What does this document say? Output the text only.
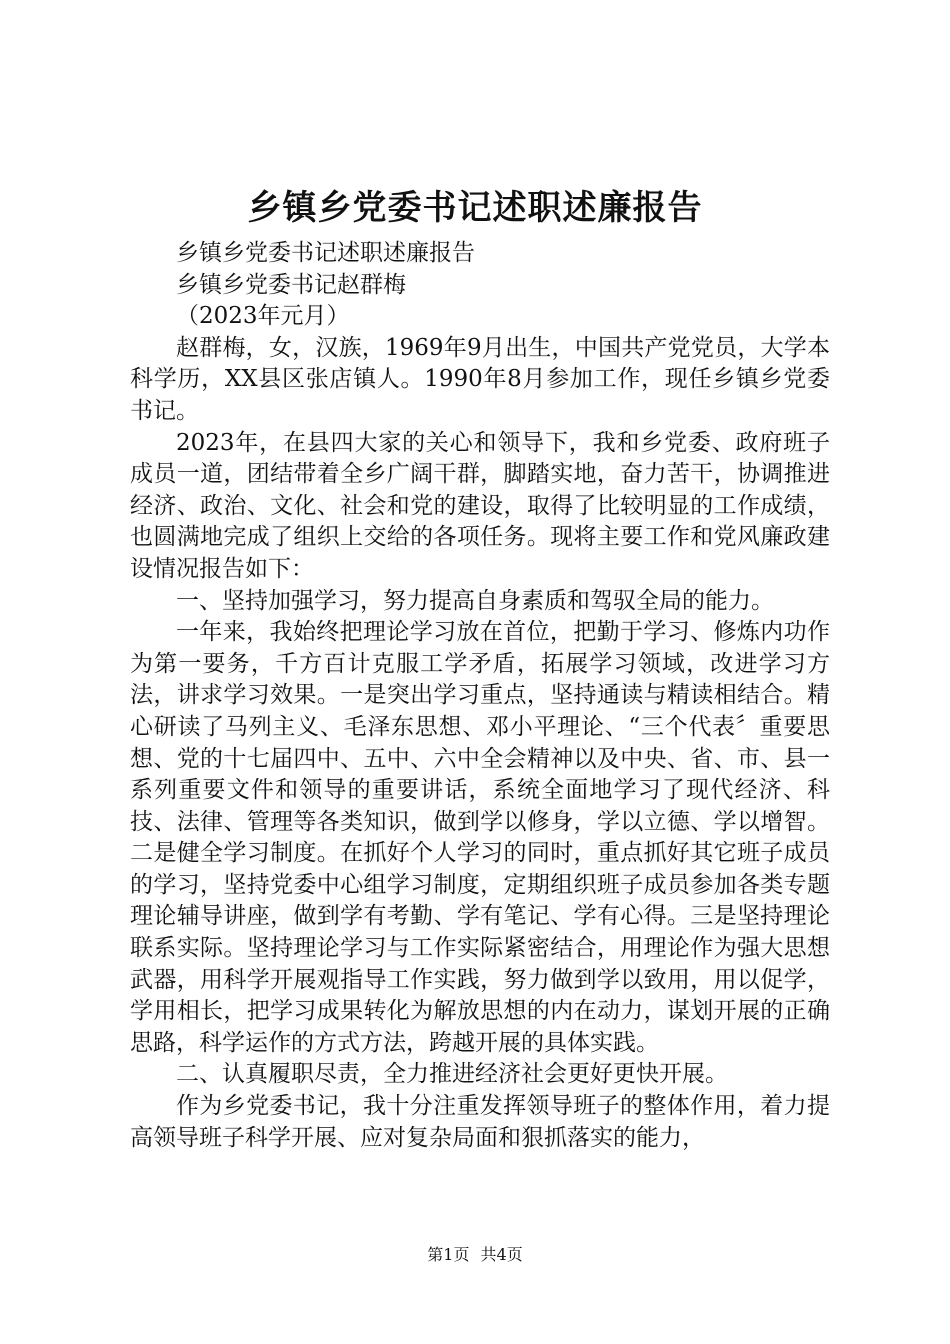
乡镇乡党委书记述职述廉报告

乡镇乡党委书记述职述廉报告

乡镇乡党委书记赵群梅

（2023年元月）

赵群梅，女，汉族，1969年9月出生，中国共产党党员，大学本科学历，XX县区张店镇人。1990年8月参加工作，现任乡镇乡党委书记。

2023年，在县四大家的关心和领导下，我和乡党委、政府班子成员一道，团结带着全乡广阔干群，脚踏实地，奋力苦干，协调推进经济、政治、文化、社会和党的建设，取得了比较明显的工作成绩，也圆满地完成了组织上交给的各项任务。现将主要工作和党风廉政建设情况报告如下：

一、坚持加强学习，努力提高自身素质和驾驭全局的能力。

一年来，我始终把理论学习放在首位，把勤于学习、修炼内功作为第一要务，千方百计克服工学矛盾，拓展学习领域，改进学习方法，讲求学习效果。一是突出学习重点，坚持通读与精读相结合。精心研读了马列主义、毛泽东思想、邓小平理论、“三个代表〞重要思想、党的十七届四中、五中、六中全会精神以及中央、省、市、县一系列重要文件和领导的重要讲话，系统全面地学习了现代经济、科技、法律、管理等各类知识，做到学以修身，学以立德、学以增智。二是健全学习制度。在抓好个人学习的同时，重点抓好其它班子成员的学习，坚持党委中心组学习制度，定期组织班子成员参加各类专题理论辅导讲座，做到学有考勤、学有笔记、学有心得。三是坚持理论联系实际。坚持理论学习与工作实际紧密结合，用理论作为强大思想武器，用科学开展观指导工作实践，努力做到学以致用，用以促学，学用相长，把学习成果转化为解放思想的内在动力，谋划开展的正确思路，科学运作的方式方法，跨越开展的具体实践。

二、认真履职尽责，全力推进经济社会更好更快开展。

作为乡党委书记，我十分注重发挥领导班子的整体作用，着力提高领导班子科学开展、应对复杂局面和狠抓落实的能力，

第1页 共4页
